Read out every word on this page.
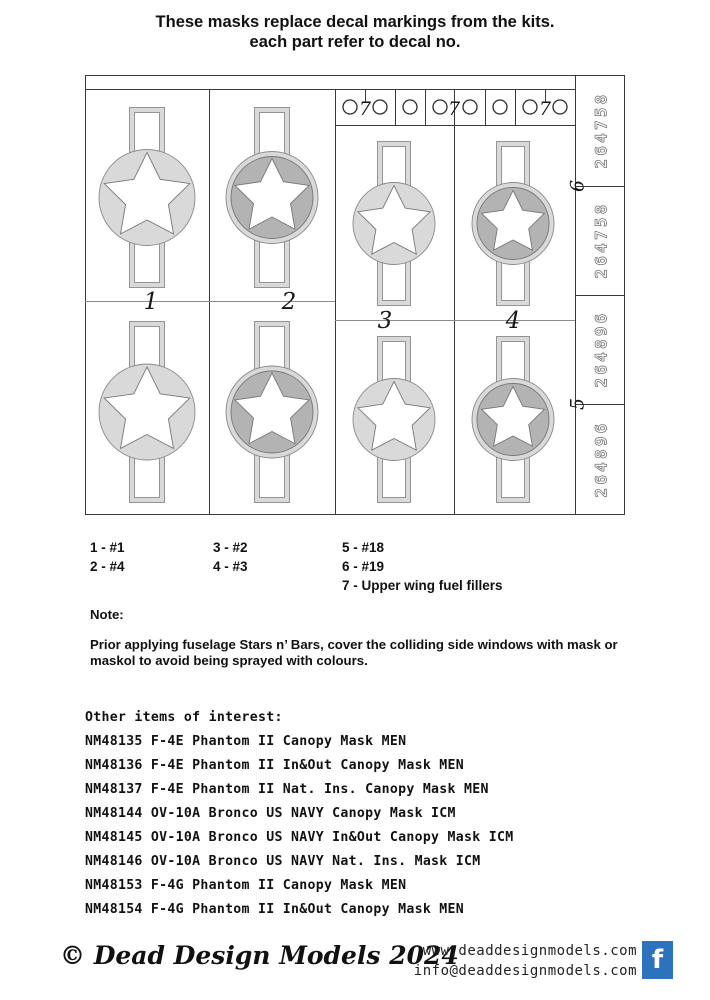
These masks replace decal markings from the kits.
each part refer to decal no.
1	2
3	4
7	7	7
6
5
264758
264758
264896
264896
1 - #1
2 - #4
3 - #2
4 - #3
5 - #18
6 - #19
7 - Upper wing fuel fillers
Note:
Prior applying fuselage Stars n’ Bars, cover the colliding side windows with mask or maskol to avoid being sprayed with colours.
Other items of interest:
NM48135 F-4E Phantom II Canopy Mask MEN
NM48136 F-4E Phantom II In&Out Canopy Mask MEN
NM48137 F-4E Phantom II Nat. Ins. Canopy Mask MEN
NM48144 OV-10A Bronco US NAVY Canopy Mask ICM
NM48145 OV-10A Bronco US NAVY In&Out Canopy Mask ICM
NM48146 OV-10A Bronco US NAVY Nat. Ins. Mask ICM
NM48153 F-4G Phantom II Canopy Mask MEN
NM48154 F-4G Phantom II In&Out Canopy Mask MEN
© Dead Design Models 2024
www.deaddesignmodels.com
info@deaddesignmodels.com f
